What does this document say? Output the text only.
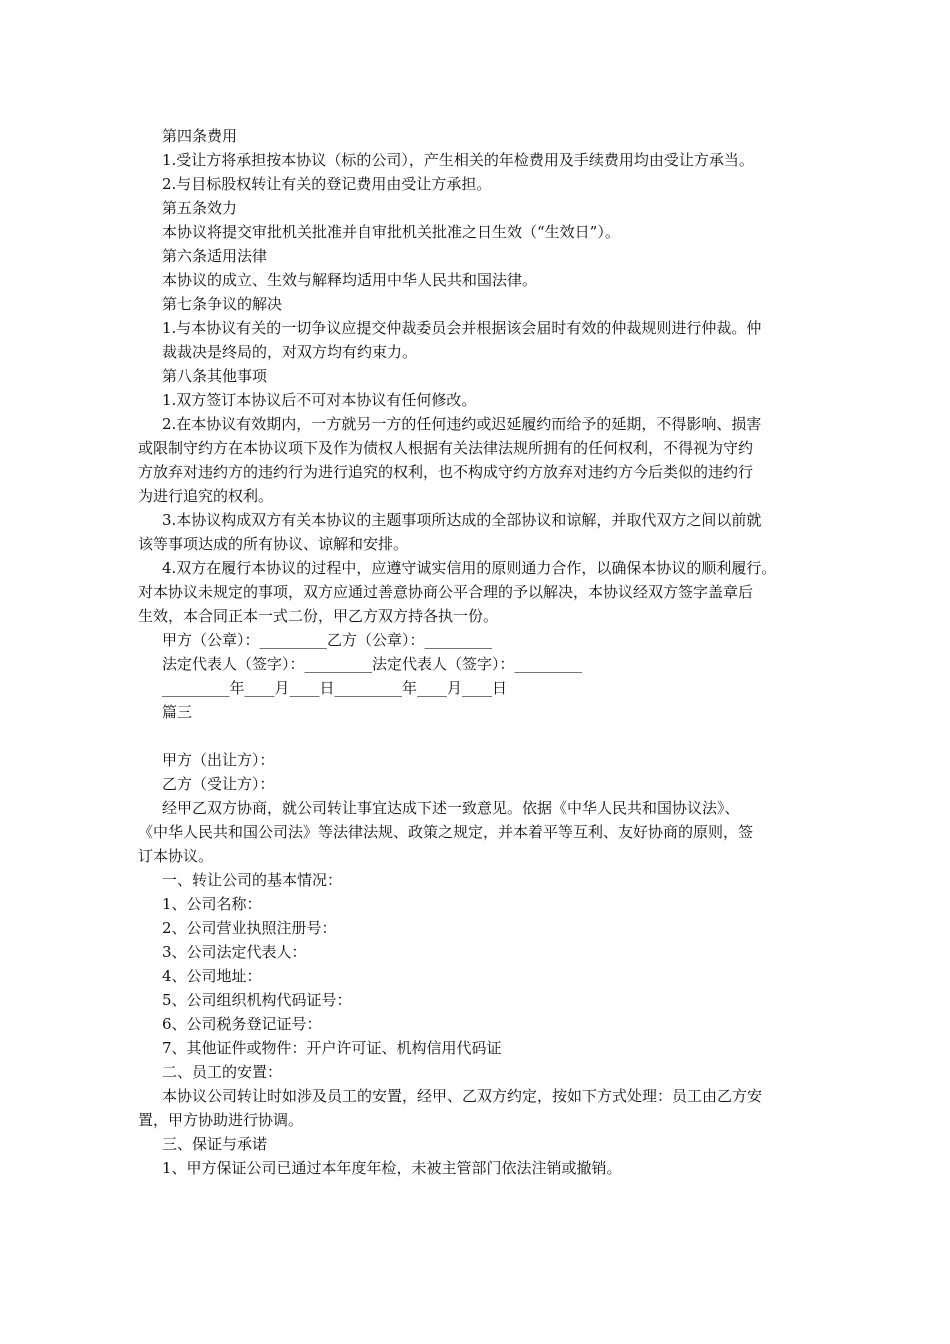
第四条费用
1.受让方将承担按本协议（标的公司），产生相关的年检费用及手续费用均由受让方承当。
2.与目标股权转让有关的登记费用由受让方承担。
第五条效力
本协议将提交审批机关批准并自审批机关批准之日生效（“生效日”）。
第六条适用法律
本协议的成立、生效与解释均适用中华人民共和国法律。
第七条争议的解决
1.与本协议有关的一切争议应提交仲裁委员会并根据该会届时有效的仲裁规则进行仲裁。仲
裁裁决是终局的，对双方均有约束力。
第八条其他事项
1.双方签订本协议后不可对本协议有任何修改。
2.在本协议有效期内，一方就另一方的任何违约或迟延履约而给予的延期，不得影响、损害
或限制守约方在本协议项下及作为债权人根据有关法律法规所拥有的任何权利，不得视为守约
方放弃对违约方的违约行为进行追究的权利，也不构成守约方放弃对违约方今后类似的违约行
为进行追究的权利。
3.本协议构成双方有关本协议的主题事项所达成的全部协议和谅解，并取代双方之间以前就
该等事项达成的所有协议、谅解和安排。
4.双方在履行本协议的过程中，应遵守诚实信用的原则通力合作，以确保本协议的顺利履行。
对本协议未规定的事项，双方应通过善意协商公平合理的予以解决，本协议经双方签字盖章后
生效，本合同正本一式二份，甲乙方双方持各执一份。
甲方（公章）：_________乙方（公章）：_________
法定代表人（签字）：_________法定代表人（签字）：_________
_________年____月____日_________年____月____日
篇三
甲方（出让方）：
乙方（受让方）：
经甲乙双方协商，就公司转让事宜达成下述一致意见。依据《中华人民共和国协议法》、
《中华人民共和国公司法》等法律法规、政策之规定，并本着平等互利、友好协商的原则，签
订本协议。
一、转让公司的基本情况：
1、公司名称：
2、公司营业执照注册号：
3、公司法定代表人：
4、公司地址：
5、公司组织机构代码证号：
6、公司税务登记证号：
7、其他证件或物件：开户许可证、机构信用代码证
二、员工的安置：
本协议公司转让时如涉及员工的安置，经甲、乙双方约定，按如下方式处理：员工由乙方安
置，甲方协助进行协调。
三、保证与承诺
1、甲方保证公司已通过本年度年检，未被主管部门依法注销或撤销。
